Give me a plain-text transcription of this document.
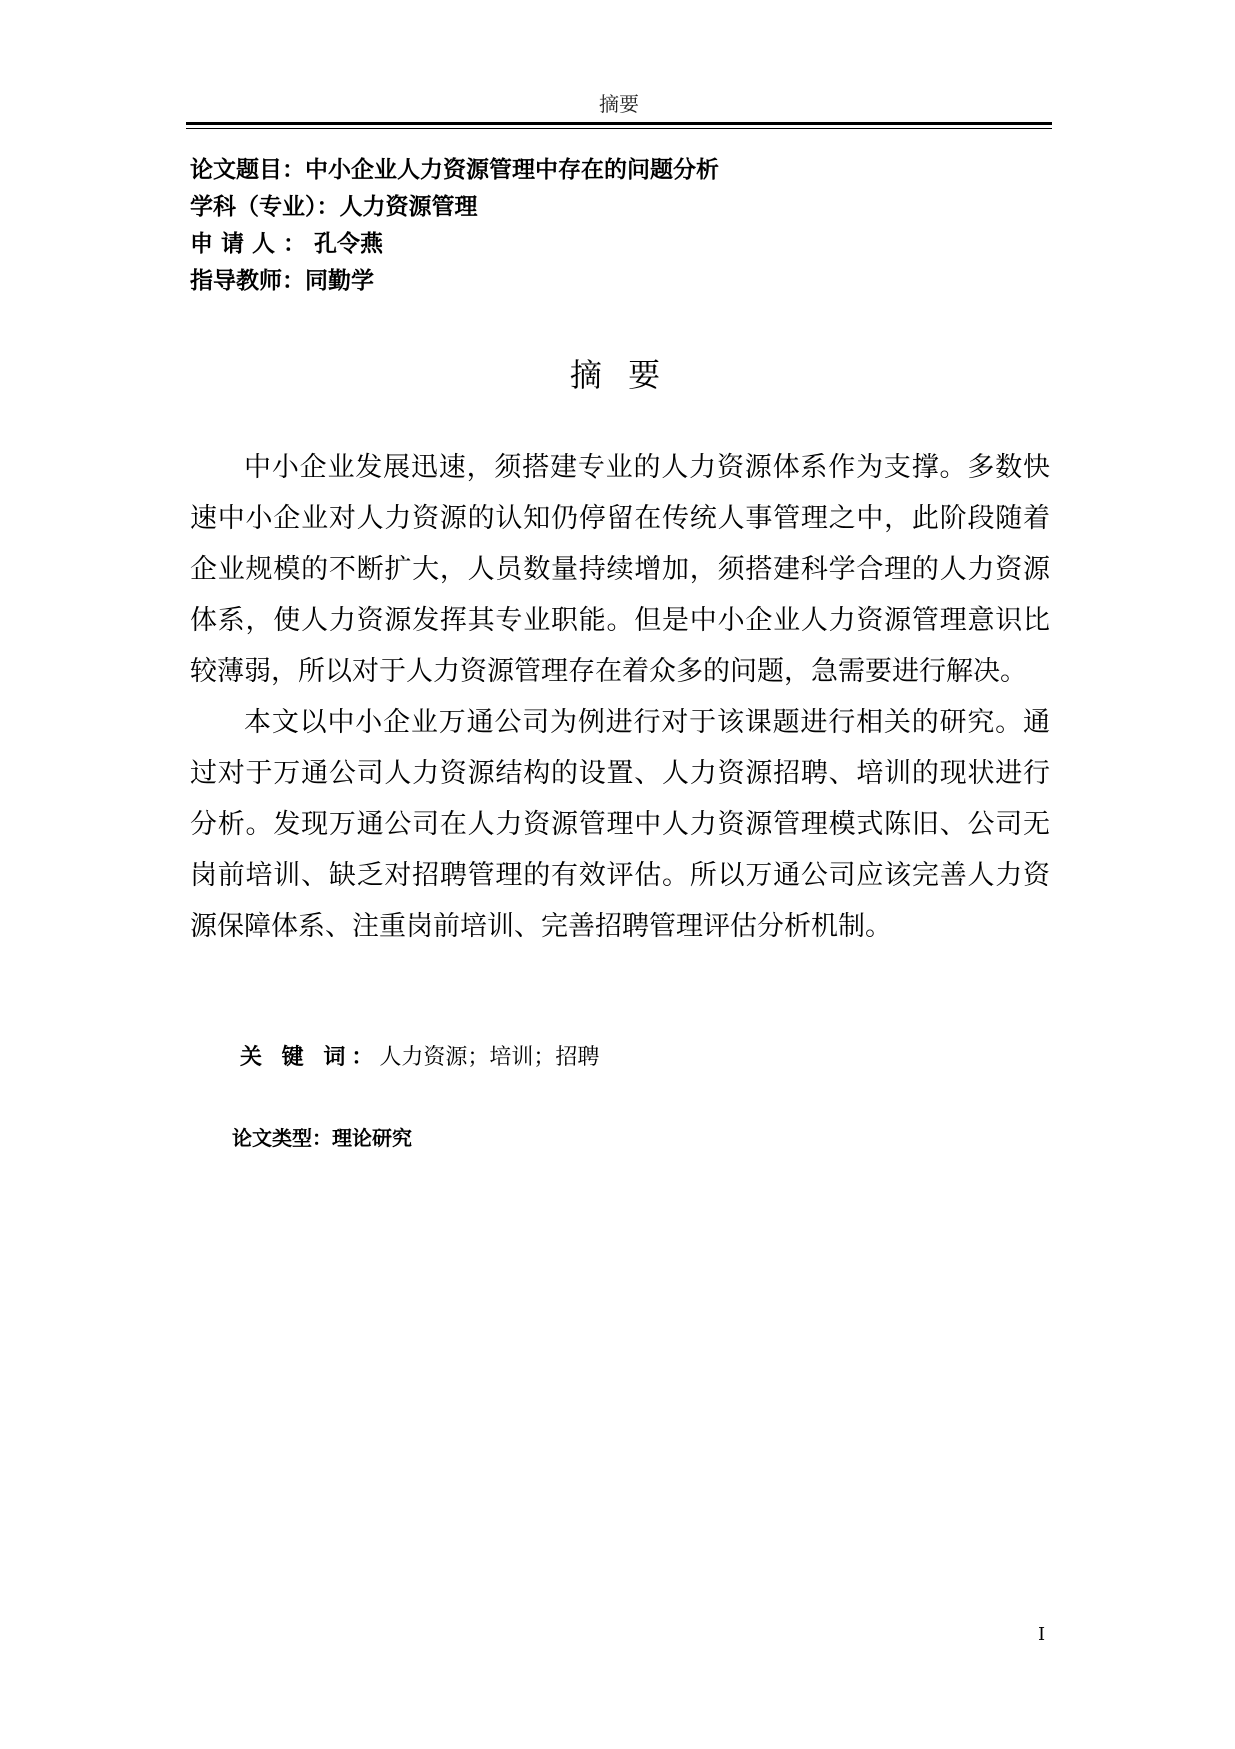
摘要
论文题目：中小企业人力资源管理中存在的问题分析
学科（专业）：人力资源管理
申 请 人 ： 孔令燕
指导教师：同勤学
摘 要

中小企业发展迅速，须搭建专业的人力资源体系作为支撑。多数快速中小企业对人力资源的认知仍停留在传统人事管理之中，此阶段随着企业规模的不断扩大，人员数量持续增加，须搭建科学合理的人力资源体系，使人力资源发挥其专业职能。但是中小企业人力资源管理意识比较薄弱，所以对于人力资源管理存在着众多的问题，急需要进行解决。

本文以中小企业万通公司为例进行对于该课题进行相关的研究。通过对于万通公司人力资源结构的设置、人力资源招聘、培训的现状进行分析。发现万通公司在人力资源管理中人力资源管理模式陈旧、公司无岗前培训、缺乏对招聘管理的有效评估。所以万通公司应该完善人力资源保障体系、注重岗前培训、完善招聘管理评估分析机制。

关 键 词：人力资源；培训；招聘
论文类型：理论研究
I
